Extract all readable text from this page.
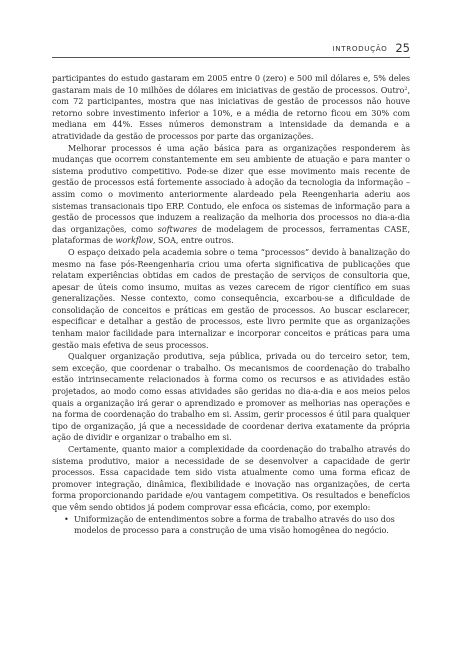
INTRODUÇÃO 25

participantes do estudo gastaram em 2005 entre 0 (zero) e 500 mil dólares e, 5% deles gastaram mais de 10 milhões de dólares em iniciativas de gestão de processos. Outro$^2$, com 72 participantes, mostra que nas iniciativas de gestão de processos não houve retorno sobre investimento inferior a 10%, e a média de retorno ficou em 30% com mediana em 44%. Esses números demonstram a intensidade da demanda e a atratividade da gestão de processos por parte das organizações.

Melhorar processos é uma ação básica para as organizações responderem às mudanças que ocorrem constantemente em seu ambiente de atuação e para manter o sistema produtivo competitivo. Pode-se dizer que esse movimento mais recente de gestão de processos está fortemente associado à adoção da tecnologia da informação – assim como o movimento anteriormente alardeado pela Reengenharia aderiu aos sistemas transacionais tipo ERP. Contudo, ele enfoca os sistemas de informação para a gestão de processos que induzem a realização da melhoria dos processos no dia-a-dia das organizações, como softwares de modelagem de processos, ferramentas CASE, plataformas de workflow, SOA, entre outros.

O espaço deixado pela academia sobre o tema “processos” devido à banalização do mesmo na fase pós-Reengenharia criou uma oferta significativa de publicações que relatam experiências obtidas em cados de prestação de serviços de consultoria que, apesar de úteis como insumo, muitas as vezes carecem de rigor científico em suas generalizações. Nesse contexto, como consequência, excarbou-se a dificuldade de consolidação de conceitos e práticas em gestão de processos. Ao buscar esclarecer, especificar e detalhar a gestão de processos, este livro permite que as organizações tenham maior facilidade para internalizar e incorporar conceitos e práticas para uma gestão mais efetiva de seus processos.

Qualquer organização produtiva, seja pública, privada ou do terceiro setor, tem, sem exceção, que coordenar o trabalho. Os mecanismos de coordenação do trabalho estão intrinsecamente relacionados à forma como os recursos e as atividades estão projetados, ao modo como essas atividades são geridas no dia-a-dia e aos meios pelos quais a organização irá gerar o aprendizado e promover as melhorias nas operações e na forma de coordenação do trabalho em si. Assim, gerir processos é útil para qualquer tipo de organização, já que a necessidade de coordenar deriva exatamente da própria ação de dividir e organizar o trabalho em si.

Certamente, quanto maior a complexidade da coordenação do trabalho através do sistema produtivo, maior a necessidade de se desenvolver a capacidade de gerir processos. Essa capacidade tem sido vista atualmente como uma forma eficaz de promover integração, dinâmica, flexibilidade e inovação nas organizações, de certa forma proporcionando paridade e/ou vantagem competitiva. Os resultados e benefícios que vêm sendo obtidos já podem comprovar essa eficácia, como, por exemplo:

• Uniformização de entendimentos sobre a forma de trabalho através do uso dos modelos de processo para a construção de uma visão homogênea do negócio.
